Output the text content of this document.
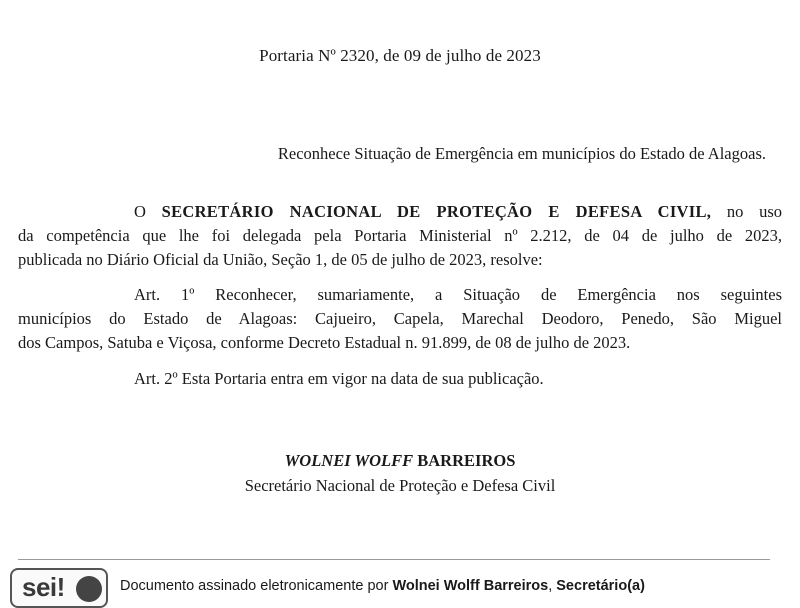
Portaria Nº 2320, de 09 de julho de 2023
Reconhece Situação de Emergência em municípios do Estado de Alagoas.
O SECRETÁRIO NACIONAL DE PROTEÇÃO E DEFESA CIVIL, no uso
da competência que lhe foi delegada pela Portaria Ministerial nº 2.212, de 04 de julho de 2023,
publicada no Diário Oficial da União, Seção 1, de 05 de julho de 2023, resolve:
Art. 1º Reconhecer, sumariamente, a Situação de Emergência nos seguintes
municípios do Estado de Alagoas: Cajueiro, Capela, Marechal Deodoro, Penedo, São Miguel
dos Campos, Satuba e Viçosa, conforme Decreto Estadual n. 91.899, de 08 de julho de 2023.
Art. 2º Esta Portaria entra em vigor na data de sua publicação.
WOLNEI WOLFF BARREIROS
Secretário Nacional de Proteção e Defesa Civil
sei!	Documento assinado eletronicamente por Wolnei Wolff Barreiros, Secretário(a)
